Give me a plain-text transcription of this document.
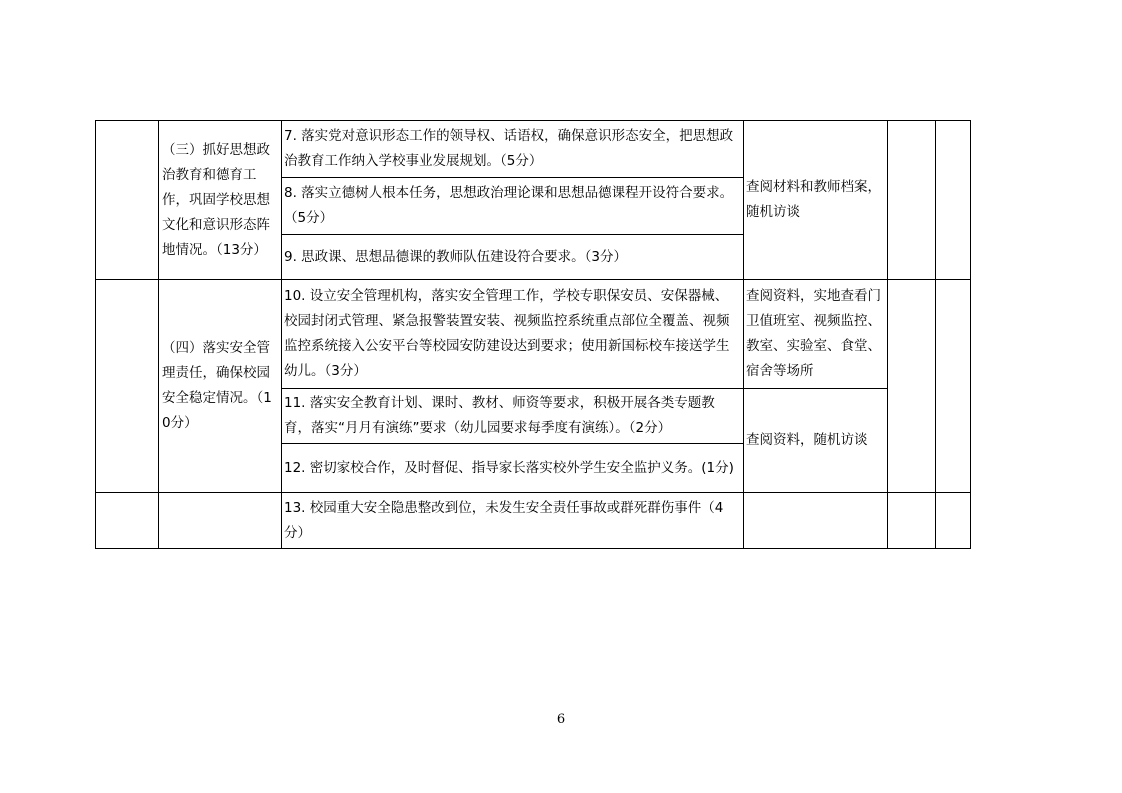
	（三）抓好思想政治教育和德育工作，巩固学校思想文化和意识形态阵地情况。（13分）	7. 落实党对意识形态工作的领导权、话语权，确保意识形态安全，把思想政治教育工作纳入学校事业发展规划。（5分）	查阅材料和教师档案，随机访谈		

		8. 落实立德树人根本任务，思想政治理论课和思想品德课程开设符合要求。（5分）			

		9. 思政课、思想品德课的教师队伍建设符合要求。（3分）			

	（四）落实安全管理责任，确保校园安全稳定情况。（10分）	10. 设立安全管理机构，落实安全管理工作，学校专职保安员、安保器械、校园封闭式管理、紧急报警装置安装、视频监控系统重点部位全覆盖、视频监控系统接入公安平台等校园安防建设达到要求；使用新国标校车接送学生幼儿。（3分）	查阅资料，实地查看门卫值班室、视频监控、教室、实验室、食堂、宿舍等场所		

		11. 落实安全教育计划、课时、教材、师资等要求，积极开展各类专题教育，落实“月月有演练”要求（幼儿园要求每季度有演练）。（2分）	查阅资料，随机访谈		

		12. 密切家校合作，及时督促、指导家长落实校外学生安全监护义务。(1分)			

		13. 校园重大安全隐患整改到位，未发生安全责任事故或群死群伤事件（4分）			

6
